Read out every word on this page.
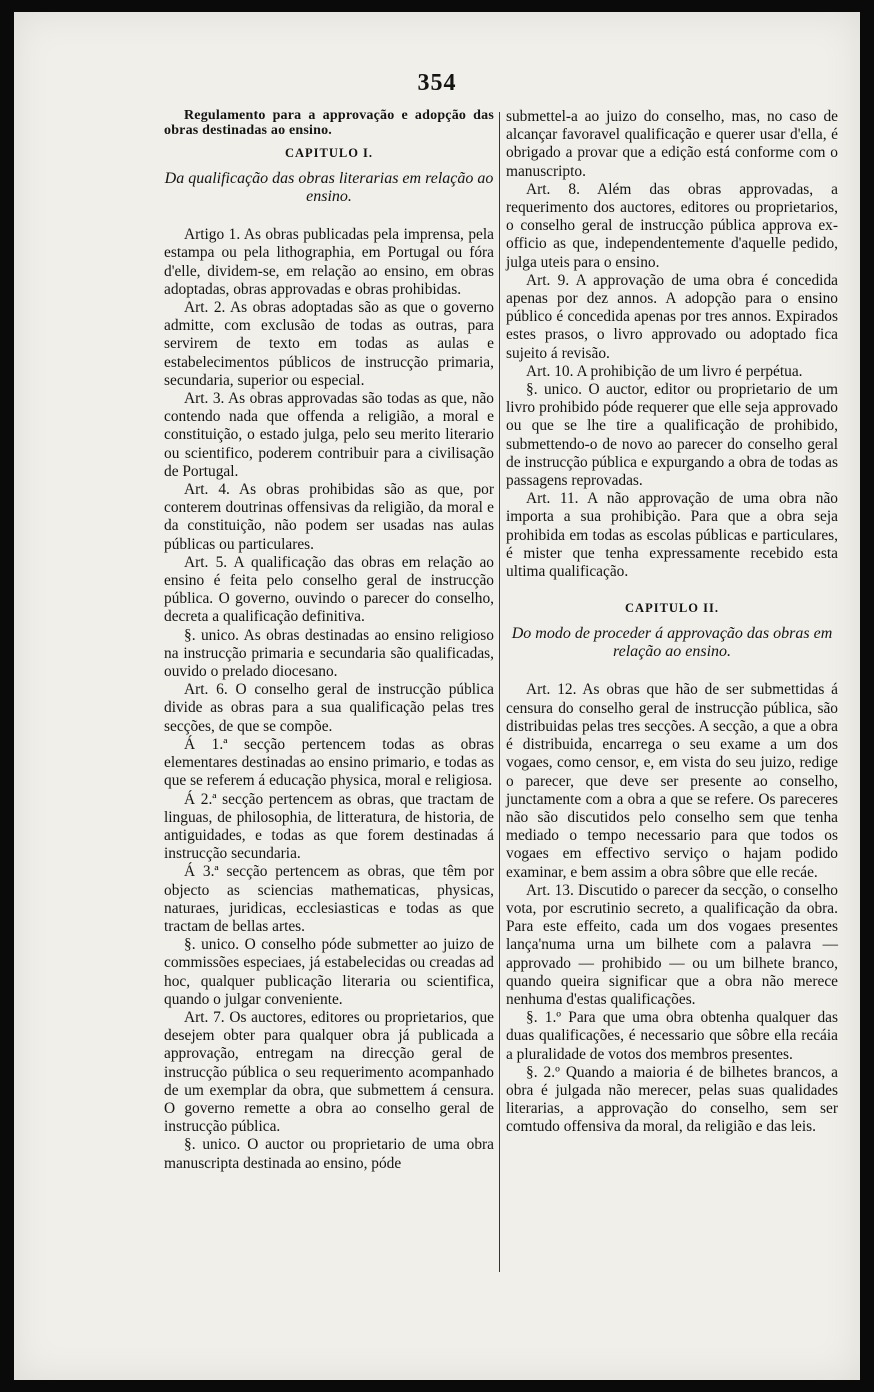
354

Regulamento para a approvação e adopção das obras destinadas ao ensino.

CAPITULO I.
Da qualificação das obras literarias em relação ao ensino.

Artigo 1. As obras publicadas pela imprensa, pela estampa ou pela lithographia, em Portugal ou fóra d'elle, dividem-se, em relação ao ensino, em obras adoptadas, obras approvadas e obras prohibidas.

Art. 2. As obras adoptadas são as que o governo admitte, com exclusão de todas as outras, para servirem de texto em todas as aulas e estabelecimentos públicos de instrucção primaria, secundaria, superior ou especial.

Art. 3. As obras approvadas são todas as que, não contendo nada que offenda a religião, a moral e constituição, o estado julga, pelo seu merito literario ou scientifico, poderem contribuir para a civilisação de Portugal.

Art. 4. As obras prohibidas são as que, por conterem doutrinas offensivas da religião, da moral e da constituição, não podem ser usadas nas aulas públicas ou particulares.

Art. 5. A qualificação das obras em relação ao ensino é feita pelo conselho geral de instrucção pública. O governo, ouvindo o parecer do conselho, decreta a qualificação definitiva.

§. unico. As obras destinadas ao ensino religioso na instrucção primaria e secundaria são qualificadas, ouvido o prelado diocesano.

Art. 6. O conselho geral de instrucção pública divide as obras para a sua qualificação pelas tres secções, de que se compõe.

Á 1.ª secção pertencem todas as obras elementares destinadas ao ensino primario, e todas as que se referem á educação physica, moral e religiosa.

Á 2.ª secção pertencem as obras, que tractam de linguas, de philosophia, de litteratura, de historia, de antiguidades, e todas as que forem destinadas á instrucção secundaria.

Á 3.ª secção pertencem as obras, que têm por objecto as sciencias mathematicas, physicas, naturaes, juridicas, ecclesiasticas e todas as que tractam de bellas artes.

§. unico. O conselho póde submetter ao juizo de commissões especiaes, já estabelecidas ou creadas ad hoc, qualquer publicação literaria ou scientifica, quando o julgar conveniente.

Art. 7. Os auctores, editores ou proprietarios, que desejem obter para qualquer obra já publicada a approvação, entregam na direcção geral de instrucção pública o seu requerimento acompanhado de um exemplar da obra, que submettem á censura. O governo remette a obra ao conselho geral de instrucção pública.

§. unico. O auctor ou proprietario de uma obra manuscripta destinada ao ensino, póde

submettel-a ao juizo do conselho, mas, no caso de alcançar favoravel qualificação e querer usar d'ella, é obrigado a provar que a edição está conforme com o manuscripto.

Art. 8. Além das obras approvadas, a requerimento dos auctores, editores ou proprietarios, o conselho geral de instrucção pública approva ex-officio as que, independentemente d'aquelle pedido, julga uteis para o ensino.

Art. 9. A approvação de uma obra é concedida apenas por dez annos. A adopção para o ensino público é concedida apenas por tres annos. Expirados estes prasos, o livro approvado ou adoptado fica sujeito á revisão.

Art. 10. A prohibição de um livro é perpétua.

§. unico. O auctor, editor ou proprietario de um livro prohibido póde requerer que elle seja approvado ou que se lhe tire a qualificação de prohibido, submettendo-o de novo ao parecer do conselho geral de instrucção pública e expurgando a obra de todas as passagens reprovadas.

Art. 11. A não approvação de uma obra não importa a sua prohibição. Para que a obra seja prohibida em todas as escolas públicas e particulares, é mister que tenha expressamente recebido esta ultima qualificação.

CAPITULO II.
Do modo de proceder á approvação das obras em relação ao ensino.

Art. 12. As obras que hão de ser submettidas á censura do conselho geral de instrucção pública, são distribuidas pelas tres secções. A secção, a que a obra é distribuida, encarrega o seu exame a um dos vogaes, como censor, e, em vista do seu juizo, redige o parecer, que deve ser presente ao conselho, junctamente com a obra a que se refere. Os pareceres não são discutidos pelo conselho sem que tenha mediado o tempo necessario para que todos os vogaes em effectivo serviço o hajam podido examinar, e bem assim a obra sôbre que elle recáe.

Art. 13. Discutido o parecer da secção, o conselho vota, por escrutinio secreto, a qualificação da obra. Para este effeito, cada um dos vogaes presentes lança'numa urna um bilhete com a palavra — approvado — prohibido — ou um bilhete branco, quando queira significar que a obra não merece nenhuma d'estas qualificações.

§. 1.º Para que uma obra obtenha qualquer das duas qualificações, é necessario que sôbre ella recáia a pluralidade de votos dos membros presentes.

§. 2.º Quando a maioria é de bilhetes brancos, a obra é julgada não merecer, pelas suas qualidades literarias, a approvação do conselho, sem ser comtudo offensiva da moral, da religião e das leis.
